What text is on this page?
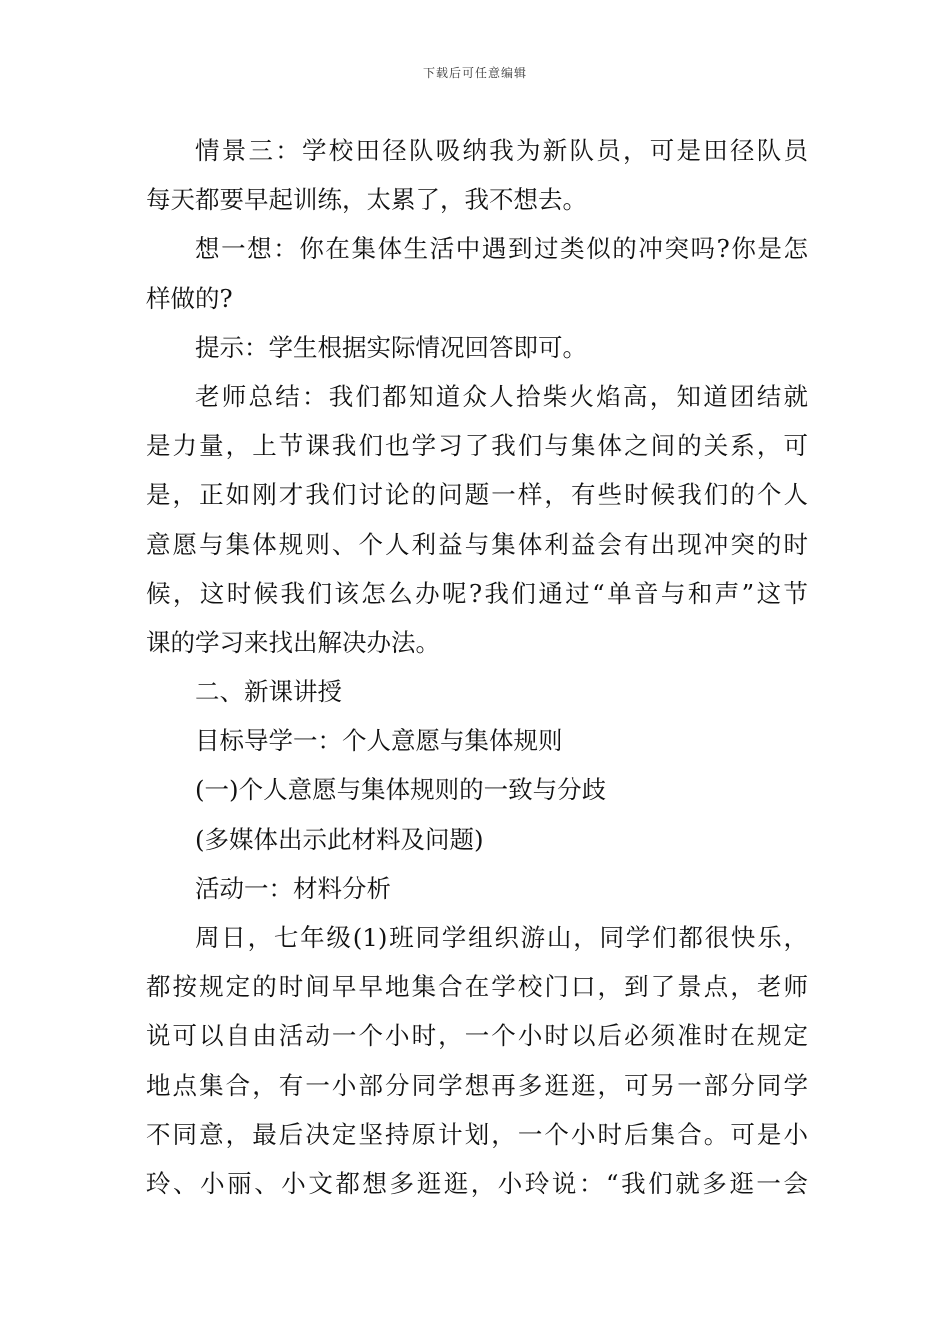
下载后可任意编辑
情景三：学校田径队吸纳我为新队员，可是田径队员
每天都要早起训练，太累了，我不想去。
想一想：你在集体生活中遇到过类似的冲突吗?你是怎
样做的?
提示：学生根据实际情况回答即可。
老师总结：我们都知道众人拾柴火焰高，知道团结就
是力量，上节课我们也学习了我们与集体之间的关系，可
是，正如刚才我们讨论的问题一样，有些时候我们的个人
意愿与集体规则、个人利益与集体利益会有出现冲突的时
候，这时候我们该怎么办呢?我们通过“单音与和声”这节
课的学习来找出解决办法。
二、新课讲授
目标导学一：个人意愿与集体规则
(一)个人意愿与集体规则的一致与分歧
(多媒体出示此材料及问题)
活动一：材料分析
周日，七年级(1)班同学组织游山，同学们都很快乐，
都按规定的时间早早地集合在学校门口，到了景点，老师
说可以自由活动一个小时，一个小时以后必须准时在规定
地点集合，有一小部分同学想再多逛逛，可另一部分同学
不同意，最后决定坚持原计划，一个小时后集合。可是小
玲、小丽、小文都想多逛逛，小玲说：“我们就多逛一会
